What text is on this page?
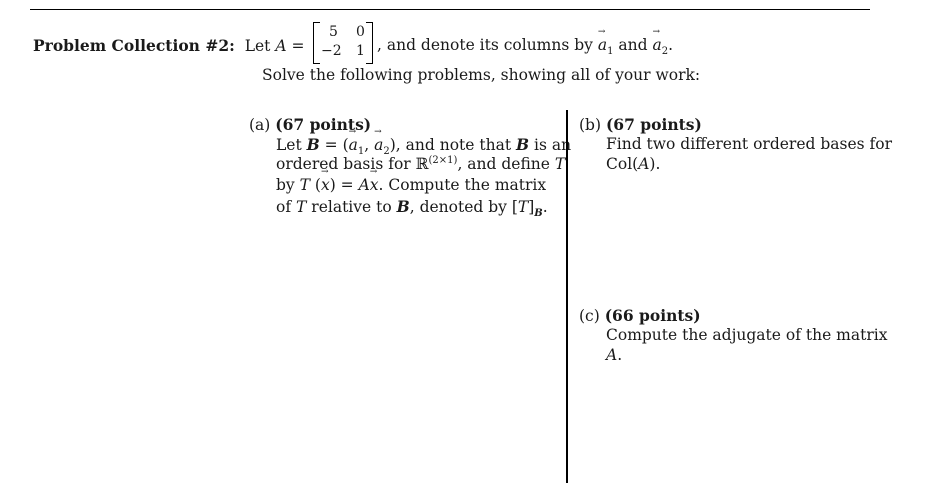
Problem Collection #2: Let A =
5 0
−2 1 , and denote its columns by → $a_1$ and → $a_2$.
Solve the following problems, showing all of your work:
(a) (67 points)
Let B = (→ $a_1$, → $a_2$), and note that B is an
ordered basis for ℝ$^{(2\times 1)}$, and define T
by T (→ x) = A→ x. Compute the matrix
of T relative to B, denoted by $[T]_B$.
(b) (67 points)
Find two different ordered bases for
Col(A).
(c) (66 points)
Compute the adjugate of the matrix
A.
